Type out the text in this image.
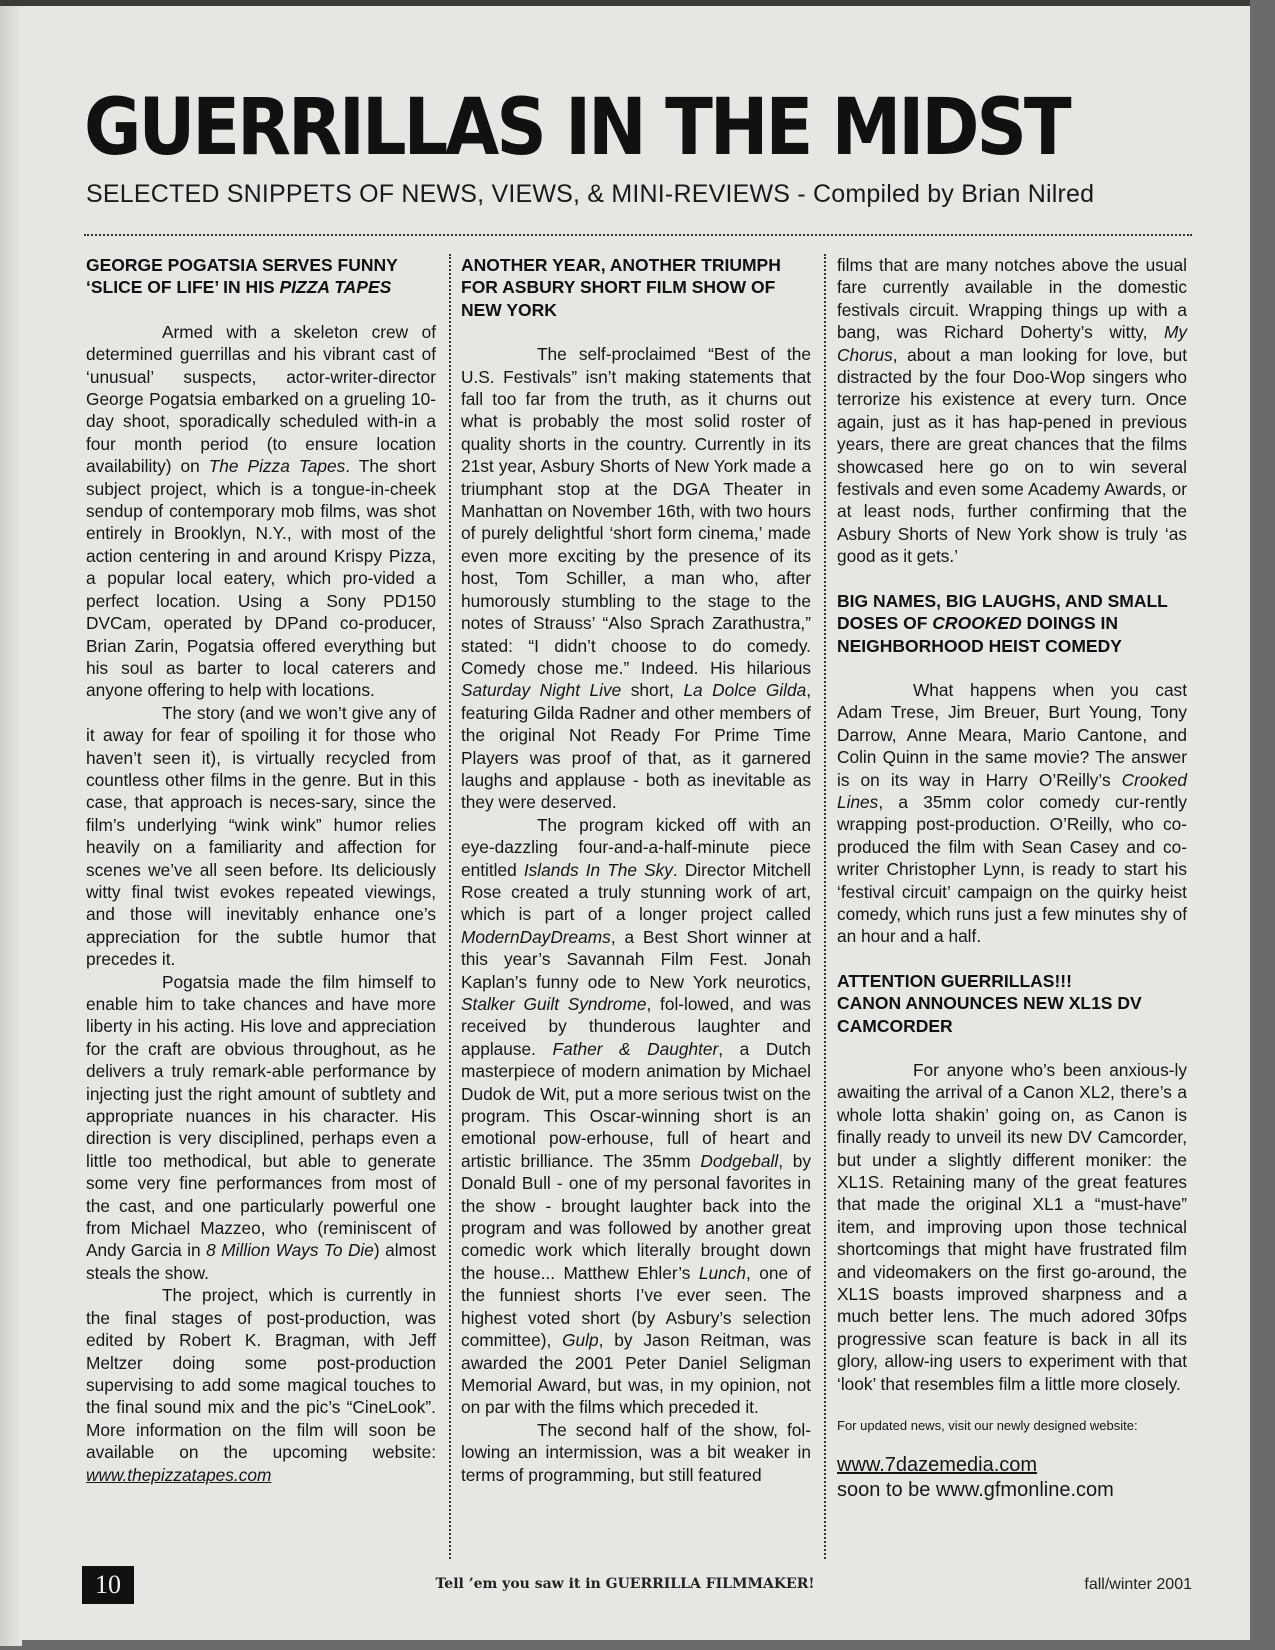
GUERRILLAS IN THE MIDST
SELECTED SNIPPETS OF NEWS, VIEWS, & MINI-REVIEWS - Compiled by Brian Nilred
GEORGE POGATSIA SERVES FUNNY ‘SLICE OF LIFE’ IN HIS PIZZA TAPES

Armed with a skeleton crew of determined guerrillas and his vibrant cast of ‘unusual’ suspects, actor-writer-director George Pogatsia embarked on a grueling 10-day shoot, sporadically scheduled with-in a four month period (to ensure location availability) on The Pizza Tapes. The short subject project, which is a tongue-in-cheek sendup of contemporary mob films, was shot entirely in Brooklyn, N.Y., with most of the action centering in and around Krispy Pizza, a popular local eatery, which pro-vided a perfect location. Using a Sony PD150 DVCam, operated by DPand co-producer, Brian Zarin, Pogatsia offered everything but his soul as barter to local caterers and anyone offering to help with locations.

The story (and we won’t give any of it away for fear of spoiling it for those who haven’t seen it), is virtually recycled from countless other films in the genre. But in this case, that approach is neces-sary, since the film’s underlying “wink wink” humor relies heavily on a familiarity and affection for scenes we’ve all seen before. Its deliciously witty final twist evokes repeated viewings, and those will inevitably enhance one’s appreciation for the subtle humor that precedes it.

Pogatsia made the film himself to enable him to take chances and have more liberty in his acting. His love and appreciation for the craft are obvious throughout, as he delivers a truly remark-able performance by injecting just the right amount of subtlety and appropriate nuances in his character. His direction is very disciplined, perhaps even a little too methodical, but able to generate some very fine performances from most of the cast, and one particularly powerful one from Michael Mazzeo, who (reminiscent of Andy Garcia in 8 Million Ways To Die) almost steals the show.

The project, which is currently in the final stages of post-production, was edited by Robert K. Bragman, with Jeff Meltzer doing some post-production supervising to add some magical touches to the final sound mix and the pic’s “CineLook”. More information on the film will soon be available on the upcoming website: www.thepizzatapes.com

ANOTHER YEAR, ANOTHER TRIUMPH FOR ASBURY SHORT FILM SHOW OF NEW YORK

The self-proclaimed “Best of the U.S. Festivals” isn’t making statements that fall too far from the truth, as it churns out what is probably the most solid roster of quality shorts in the country. Currently in its 21st year, Asbury Shorts of New York made a triumphant stop at the DGA Theater in Manhattan on November 16th, with two hours of purely delightful ‘short form cinema,’ made even more exciting by the presence of its host, Tom Schiller, a man who, after humorously stumbling to the stage to the notes of Strauss’ “Also Sprach Zarathustra,” stated: “I didn’t choose to do comedy. Comedy chose me.” Indeed. His hilarious Saturday Night Live short, La Dolce Gilda, featuring Gilda Radner and other members of the original Not Ready For Prime Time Players was proof of that, as it garnered laughs and applause - both as inevitable as they were deserved.

The program kicked off with an eye-dazzling four-and-a-half-minute piece entitled Islands In The Sky. Director Mitchell Rose created a truly stunning work of art, which is part of a longer project called ModernDayDreams, a Best Short winner at this year’s Savannah Film Fest. Jonah Kaplan’s funny ode to New York neurotics, Stalker Guilt Syndrome, fol-lowed, and was received by thunderous laughter and applause. Father & Daughter, a Dutch masterpiece of modern animation by Michael Dudok de Wit, put a more serious twist on the program. This Oscar-winning short is an emotional pow-erhouse, full of heart and artistic brilliance. The 35mm Dodgeball, by Donald Bull - one of my personal favorites in the show - brought laughter back into the program and was followed by another great comedic work which literally brought down the house... Matthew Ehler’s Lunch, one of the funniest shorts I’ve ever seen. The highest voted short (by Asbury’s selection committee), Gulp, by Jason Reitman, was awarded the 2001 Peter Daniel Seligman Memorial Award, but was, in my opinion, not on par with the films which preceded it.

The second half of the show, fol-lowing an intermission, was a bit weaker in terms of programming, but still featured

films that are many notches above the usual fare currently available in the domestic festivals circuit. Wrapping things up with a bang, was Richard Doherty’s witty, My Chorus, about a man looking for love, but distracted by the four Doo-Wop singers who terrorize his existence at every turn. Once again, just as it has hap-pened in previous years, there are great chances that the films showcased here go on to win several festivals and even some Academy Awards, or at least nods, further confirming that the Asbury Shorts of New York show is truly ‘as good as it gets.’

BIG NAMES, BIG LAUGHS, AND SMALL DOSES OF CROOKED DOINGS IN NEIGHBORHOOD HEIST COMEDY

What happens when you cast Adam Trese, Jim Breuer, Burt Young, Tony Darrow, Anne Meara, Mario Cantone, and Colin Quinn in the same movie? The answer is on its way in Harry O’Reilly’s Crooked Lines, a 35mm color comedy cur-rently wrapping post-production. O’Reilly, who co-produced the film with Sean Casey and co-writer Christopher Lynn, is ready to start his ‘festival circuit’ campaign on the quirky heist comedy, which runs just a few minutes shy of an hour and a half.

ATTENTION GUERRILLAS!!!
CANON ANNOUNCES NEW XL1S DV CAMCORDER

For anyone who’s been anxious-ly awaiting the arrival of a Canon XL2, there’s a whole lotta shakin’ going on, as Canon is finally ready to unveil its new DV Camcorder, but under a slightly different moniker: the XL1S. Retaining many of the great features that made the original XL1 a “must-have” item, and improving upon those technical shortcomings that might have frustrated film and videomakers on the first go-around, the XL1S boasts improved sharpness and a much better lens. The much adored 30fps progressive scan feature is back in all its glory, allow-ing users to experiment with that ‘look’ that resembles film a little more closely.

For updated news, visit our newly designed website:

www.7dazemedia.com
soon to be www.gfmonline.com

10	Tell ’em you saw it in GUERRILLA FILMMAKER!	fall/winter 2001
